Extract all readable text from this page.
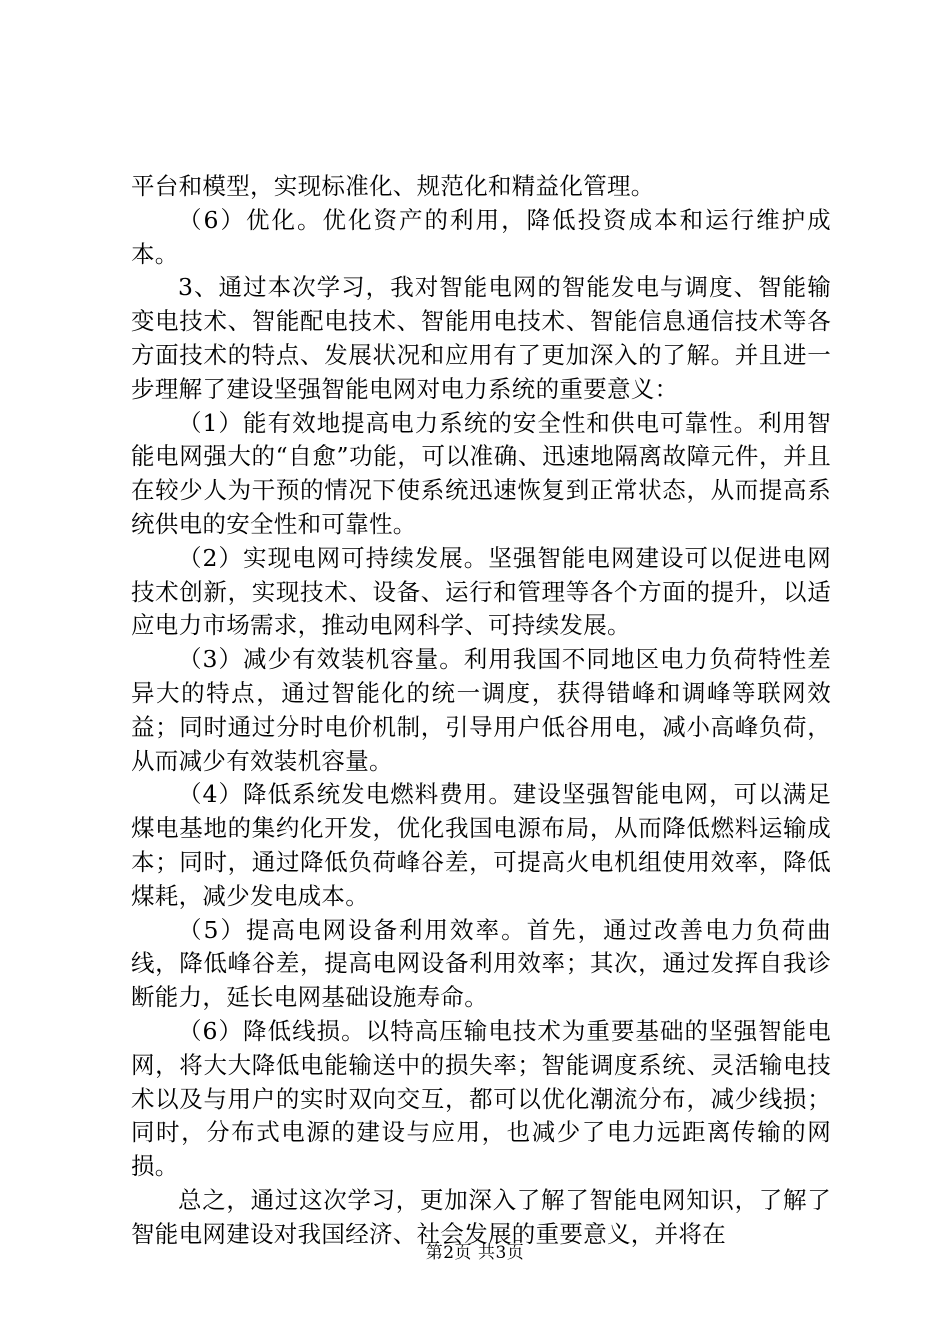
平台和模型，实现标准化、规范化和精益化管理。

（6）优化。优化资产的利用，降低投资成本和运行维护成本。

3、通过本次学习，我对智能电网的智能发电与调度、智能输变电技术、智能配电技术、智能用电技术、智能信息通信技术等各方面技术的特点、发展状况和应用有了更加深入的了解。并且进一步理解了建设坚强智能电网对电力系统的重要意义：

（1）能有效地提高电力系统的安全性和供电可靠性。利用智能电网强大的“自愈”功能，可以准确、迅速地隔离故障元件，并且在较少人为干预的情况下使系统迅速恢复到正常状态，从而提高系统供电的安全性和可靠性。

（2）实现电网可持续发展。坚强智能电网建设可以促进电网技术创新，实现技术、设备、运行和管理等各个方面的提升，以适应电力市场需求，推动电网科学、可持续发展。

（3）减少有效装机容量。利用我国不同地区电力负荷特性差异大的特点，通过智能化的统一调度，获得错峰和调峰等联网效益；同时通过分时电价机制，引导用户低谷用电，减小高峰负荷，从而减少有效装机容量。

（4）降低系统发电燃料费用。建设坚强智能电网，可以满足煤电基地的集约化开发，优化我国电源布局，从而降低燃料运输成本；同时，通过降低负荷峰谷差，可提高火电机组使用效率，降低煤耗，减少发电成本。

（5）提高电网设备利用效率。首先，通过改善电力负荷曲线，降低峰谷差，提高电网设备利用效率；其次，通过发挥自我诊断能力，延长电网基础设施寿命。

（6）降低线损。以特高压输电技术为重要基础的坚强智能电网，将大大降低电能输送中的损失率；智能调度系统、灵活输电技术以及与用户的实时双向交互，都可以优化潮流分布，减少线损；同时，分布式电源的建设与应用，也减少了电力远距离传输的网损。

总之，通过这次学习，更加深入了解了智能电网知识，了解了智能电网建设对我国经济、社会发展的重要意义，并将在

第2页 共3页
